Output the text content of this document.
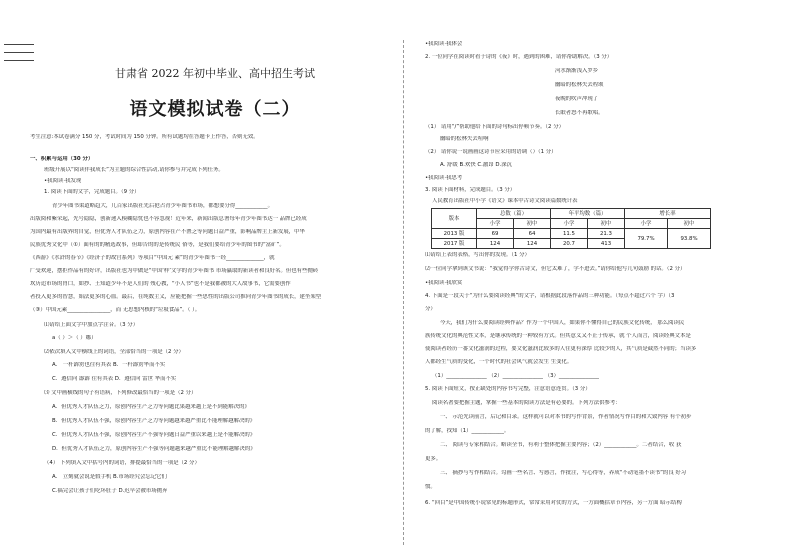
甘肃省 2022 年初中毕业、高中招生考试
语文模拟试卷（二）
考生注意:本试卷满分 150 分，考试时间为 150 分钟。所有试题均在答题卡上作答，否则无效。
一、积累与运用（30 分）
班级开展以“阅读伴我成长”为主题的综合性活动,请你参与并完成下列任务。
•我阅读·我发现
1. 阅读下面的文字，完成题目。（9 分）
青少年图书渠道略趋大，几百家出版社先后抢占青少年图书市场，都想要分得____________。
出版阅和紫荣起，先号隐隐，创新递入模糊隐忧也不容忽视！近年来，新闻出版总署每年青少年图书达一 品牌已经成
为国内最有出版界的自觉，但优秀人才队伍乏力，原创内容在产不匮乏等问题日益严重，影响品牌主上新发展，中华
民族优秀文化中（①）面有的的精选故事，但却告的的是传统民 俗等，是我们要给青少年的图书的“富矿”。
《西游》《水浒的春节》《经济子的故宫系列》等项目“中国元 素”的青少年图书一经______________，就
广受欢迎，摆拒作品有的好评，出版社也为中做是“中国‘样’文学的青少年图书 市场赢取的新读者和良好名。但也有些抛砖
坎历追市场的胃口，如抄、王知道少年不是人们的 残心教，“小人书”也不是我都被的大人故事书，它需要创作
者投入更多的智慧，始法更多的心血。最后，在纯数主义，应能把握一些思性的出版公司推向青少年图书的成长，建坐架型
（③）中国元素________________，而 无思想内核的“垃圾食品”。（ ）。
⑴请给上面文字中加点字注音。（3 分）
a（ ）＞（ ）娜）
⑵依次填入文中横线上的词语，全部恰当的一项是（2 分）
A． 一杆霹雳也往有其表 B．一杆霹雳华而不实
C．遵信向 霹霹 往有其表 D．遵信向 雷世 华而不实
⑶ 文中画横线的句子有语病，下列修改最恰当的一项是（2 分）
A．但优秀人才队伍乏力，原创内容生产乏力等问题比果越来越上是不到能解决的》
B．但优秀人才队伍不强，原创内容生产乏力等问题越来越严重比不能理解越解决的》
C．但优秀人才队伍不强，原创内容生产不强等问题日益严重以来越上是不能解决的》
D．但优秀人才队伍乏力，原创内容生产不强等问题越来越严重比不能理解越解决的》
（4） 下列填入文中括号内的词语，排提最恰当的一项是（2 分）
A． 立刻就会说是假手机 B.市场经究会忘记它们
C.搞完会让孩子们吃坏肚子 D.迟早会被市场抛弃
•我阅读·我体会
2. 一位同学在阅读时看于诗的《夜》时，遇到的困难，请你帮助解决。（3 分）
河水渐渐浅入罗乡
幽暗的松林失去程颂
夜晚的吹声冲现了
长眠者怒不再歌唱。
（1） 请用“/”帮助他给下面的诗句标出停顿节奏。（2 分）
幽暗的松林失去喧响
（2） 请你说一说画画这诗节应采用的语调（）（1 分）
A. 舒缓 B.欢快 C.激昂 D.深沉
•我阅读·我思考
3. 阅读下面材料，完成题目。（3 分）
人民教育出版社中小学《语文》课本中古诗文阅读篇数统计表
版本	总数（篇）		年平均数（篇）		增长率	
	小学	初中	小学	初中	小学	初中
2013 版	69	64	11.5	21.3	79.7%	93.8%
2017 版	124	124	20.7	413		
⑴请给上表的表格，写出你的发现。（1 分）
⑵一位同学拿到该文书说：“我觉得学你古诗文，但它太难了，学不进去。”请你给他写几句鼓励 的话。（2 分）
•我阅读·我欣赏
4. 下面是一段关于“为什么要阅读经典”的文字，请根据此段落作品的三种功能。（每点不超过六个 字）（3
分）
今天，我们为什么要阅读经典作品？作为一个中国人，如果你不懂得自己的民族文化传统， 那么阅读民
族传统文化的典范性文本，是继承传统的一种较有方式。但其意义又不止于传承，就 个人而言，阅读经典文本是
使阅读者经历一番文化滋润的过程，要文化滋润比较多的人往更有深厚 比较少的人，其气质是截然不同的；当读多
人都经生气质的变化，一个时代的社会风气就会发生 生变化。
（1）_______________ （2）_______________ （3）_______________
5. 阅读下面短文，按正缺处的内容书写完整，注意语意连贯。（3 分）
阅读名著要把握主题，掌握一些基本的阅读方法是有必要的。下列方法供参考：
一、 示范先读前言，后记和目录。这样就可以对本书的写作背景，作者情况写作目的和大致内容 有个初步
的了解，找知（1）____________。
二、 阅读与专家相结合。略读全书，有利于整体把握主要内容；（2）____________。二者结合，收 获
更多。
三、 摘抄与写作相结合。勾画一些名言、写感言，作批注，写心得等，养成“不动笔墨不读书”的良 好习
惯。
6. “回目”是中国传统小说常见的标题形式，常常采用对仗的方式，一方面概括章节内容，另一方面 暗示结构
